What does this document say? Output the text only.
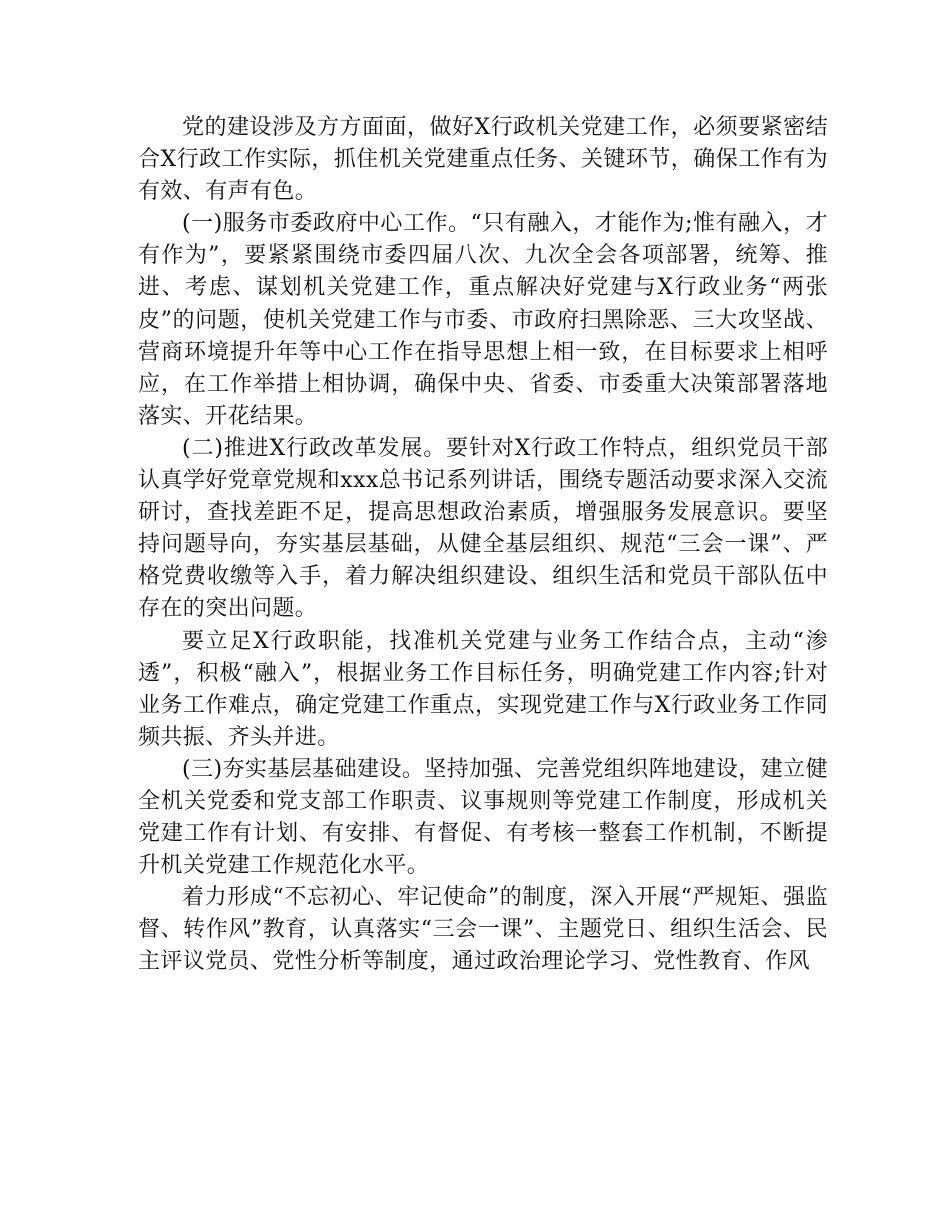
党的建设涉及方方面面，做好X行政机关党建工作，必须要紧密结合X行政工作实际，抓住机关党建重点任务、关键环节，确保工作有为有效、有声有色。

(一)服务市委政府中心工作。“只有融入，才能作为;惟有融入，才有作为”，要紧紧围绕市委四届八次、九次全会各项部署，统筹、推进、考虑、谋划机关党建工作，重点解决好党建与X行政业务“两张皮”的问题，使机关党建工作与市委、市政府扫黑除恶、三大攻坚战、营商环境提升年等中心工作在指导思想上相一致，在目标要求上相呼应，在工作举措上相协调，确保中央、省委、市委重大决策部署落地落实、开花结果。

(二)推进X行政改革发展。要针对X行政工作特点，组织党员干部认真学好党章党规和xxx总书记系列讲话，围绕专题活动要求深入交流研讨，查找差距不足，提高思想政治素质，增强服务发展意识。要坚持问题导向，夯实基层基础，从健全基层组织、规范“三会一课”、严格党费收缴等入手，着力解决组织建设、组织生活和党员干部队伍中存在的突出问题。

要立足X行政职能，找准机关党建与业务工作结合点，主动“渗透”，积极“融入”，根据业务工作目标任务，明确党建工作内容;针对业务工作难点，确定党建工作重点，实现党建工作与X行政业务工作同频共振、齐头并进。

(三)夯实基层基础建设。坚持加强、完善党组织阵地建设，建立健全机关党委和党支部工作职责、议事规则等党建工作制度，形成机关党建工作有计划、有安排、有督促、有考核一整套工作机制，不断提升机关党建工作规范化水平。

着力形成“不忘初心、牢记使命”的制度，深入开展“严规矩、强监督、转作风”教育，认真落实“三会一课”、主题党日、组织生活会、民主评议党员、党性分析等制度，通过政治理论学习、党性教育、作风
